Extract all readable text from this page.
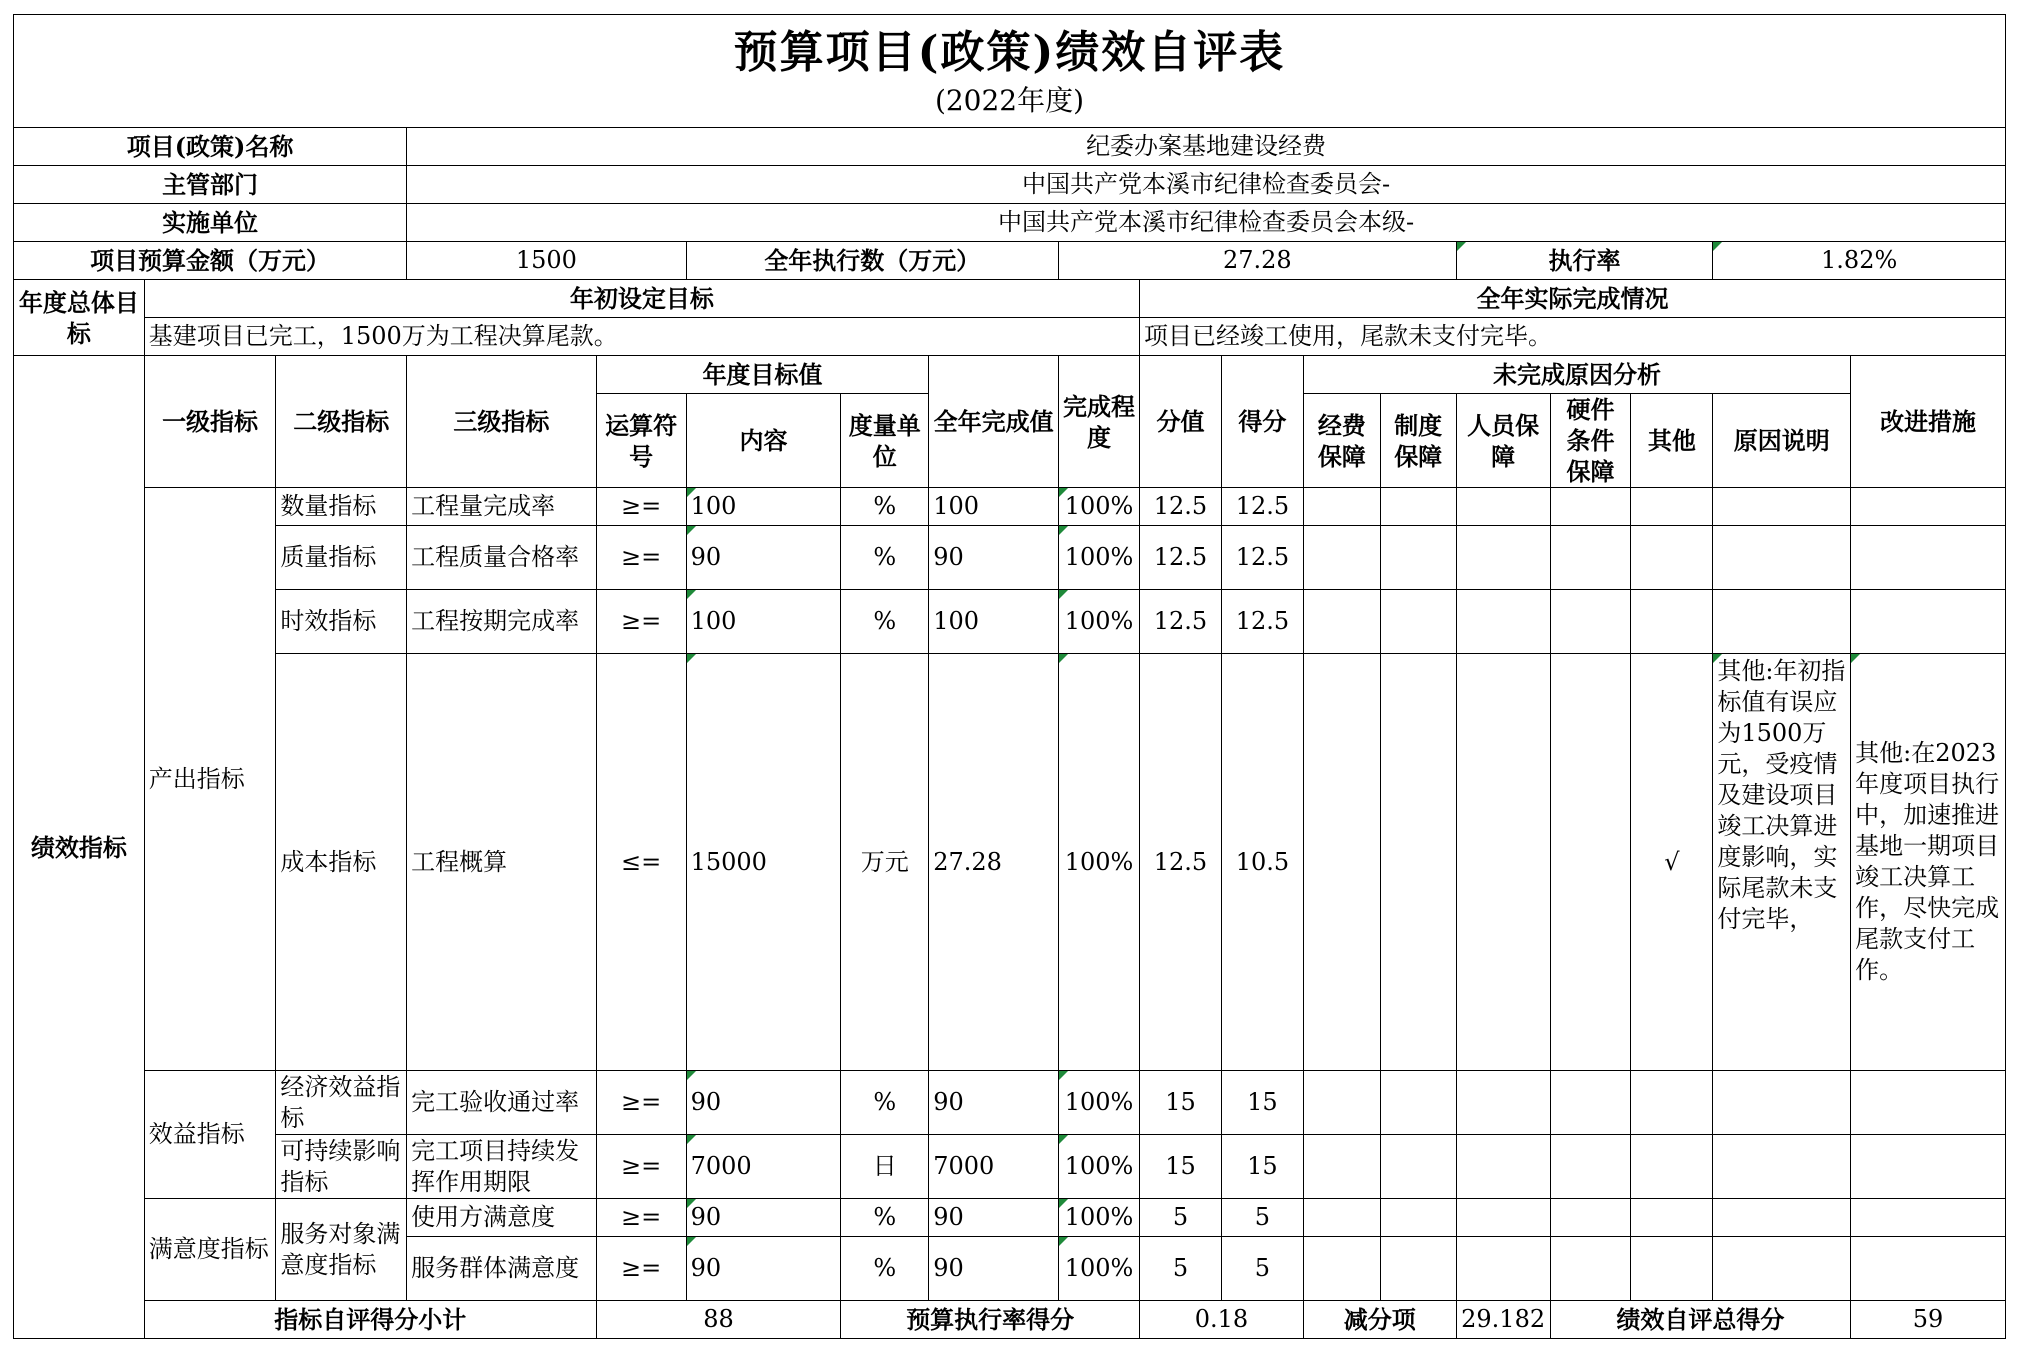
预算项目(政策)绩效自评表
(2022年度)																	

项目(政策)名称			纪委办案基地建设经费														
主管部门			中国共产党本溪市纪律检查委员会-														
实施单位			中国共产党本溪市纪律检查委员会本级-														
项目预算金额（万元）			1500		全年执行数（万元）			27.28					执行率			1.82%	
年度总体目标	年初设定目标								全年实际完成情况								
	基建项目已完工，1500万为工程决算尾款。								项目已经竣工使用，尾款未支付完毕。								
绩效指标	一级指标	二级指标	三级指标	年度目标值			全年完成值	完成程度	分值	得分	未完成原因分析						改进措施
				运算符号	内容	度量单位					经费保障	制度保障	人员保障	硬件条件保障	其他	原因说明	
	产出指标	数量指标	工程量完成率	≥=	100	%	100	100%	12.5	12.5							
		质量指标	工程质量合格率	≥=	90	%	90	100%	12.5	12.5							
		时效指标	工程按期完成率	≥=	100	%	100	100%	12.5	12.5							
		成本指标	工程概算	≤=	15000	万元	27.28	100%	12.5	10.5					√	其他:年初指标值有误应为1500万元，受疫情及建设项目竣工决算进度影响，实际尾款未支付完毕，	其他:在2023年度项目执行中，加速推进基地一期项目竣工决算工作，尽快完成尾款支付工作。
	效益指标	经济效益指标	完工验收通过率	≥=	90	%	90	100%	15	15							
		可持续影响指标	完工项目持续发挥作用期限	≥=	7000	日	7000	100%	15	15							
	满意度指标	服务对象满意度指标	使用方满意度	≥=	90	%	90	100%	5	5							
			服务群体满意度	≥=	90	%	90	100%	5	5							
	指标自评得分小计			88		预算执行率得分			0.18		减分项		29.182	绩效自评总得分			59
